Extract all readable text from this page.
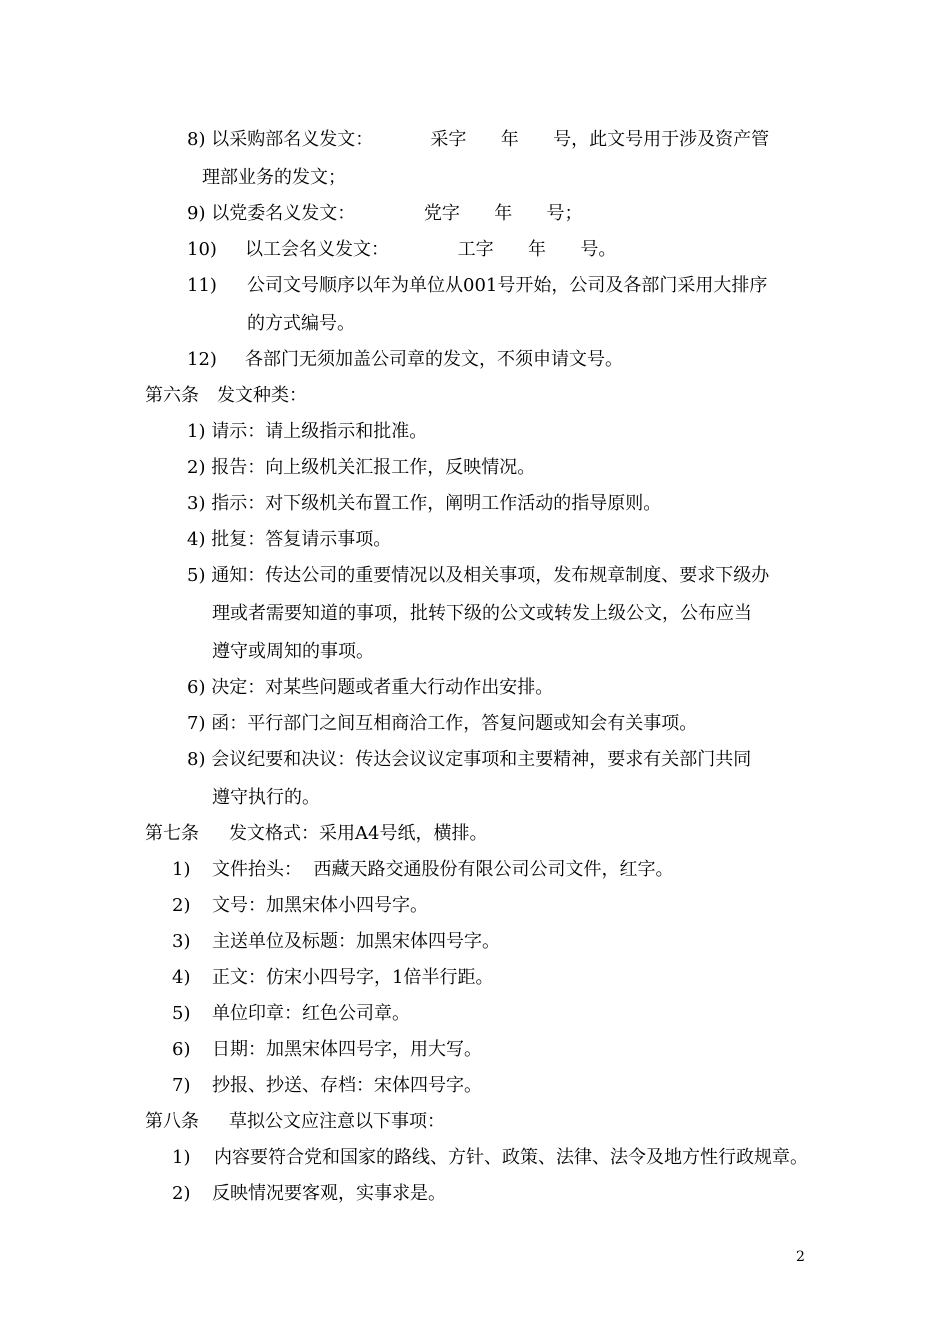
8) 以采购部名义发文：          采字      年      号，此文号用于涉及资产管
理部业务的发文；
9) 以党委名义发文：            党字      年      号；
10) 以工会名义发文：            工字      年      号。
11) 公司文号顺序以年为单位从001号开始，公司及各部门采用大排序
的方式编号。
12) 各部门无须加盖公司章的发文，不须申请文号。
第六条 发文种类：
1) 请示：请上级指示和批准。
2) 报告：向上级机关汇报工作，反映情况。
3) 指示：对下级机关布置工作，阐明工作活动的指导原则。
4) 批复：答复请示事项。
5) 通知：传达公司的重要情况以及相关事项，发布规章制度、要求下级办
理或者需要知道的事项，批转下级的公文或转发上级公文，公布应当
遵守或周知的事项。
6) 决定：对某些问题或者重大行动作出安排。
7) 函：平行部门之间互相商洽工作，答复问题或知会有关事项。
8) 会议纪要和决议：传达会议议定事项和主要精神，要求有关部门共同
遵守执行的。
第七条 发文格式：采用A4号纸，横排。
1) 文件抬头：  西藏天路交通股份有限公司公司文件，红字。
2) 文号：加黑宋体小四号字。
3) 主送单位及标题：加黑宋体四号字。
4) 正文：仿宋小四号字，1倍半行距。
5) 单位印章：红色公司章。
6) 日期：加黑宋体四号字，用大写。
7) 抄报、抄送、存档：宋体四号字。
第八条 草拟公文应注意以下事项：
1) 内容要符合党和国家的路线、方针、政策、法律、法令及地方性行政规章。
2) 反映情况要客观，实事求是。
2
